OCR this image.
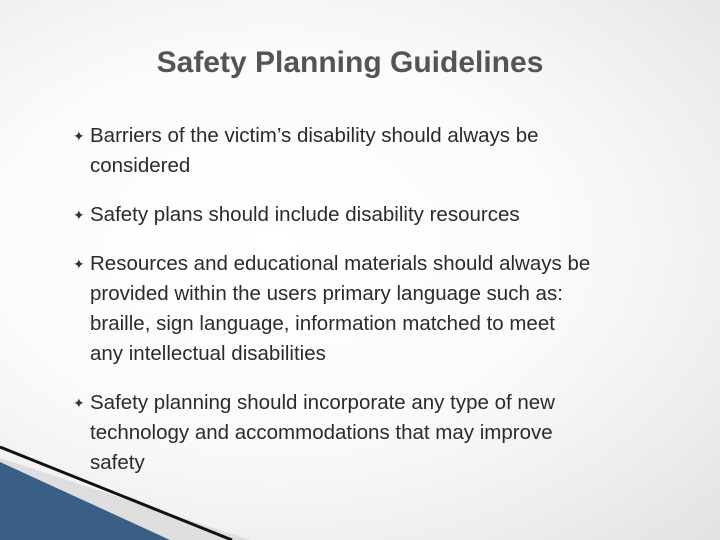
Safety Planning Guidelines
✦ Barriers of the victim’s disability should always be
considered
✦ Safety plans should include disability resources
✦ Resources and educational materials should always be
provided within the users primary language such as:
braille, sign language, information matched to meet
any intellectual disabilities
✦ Safety planning should incorporate any type of new
technology and accommodations that may improve
safety
